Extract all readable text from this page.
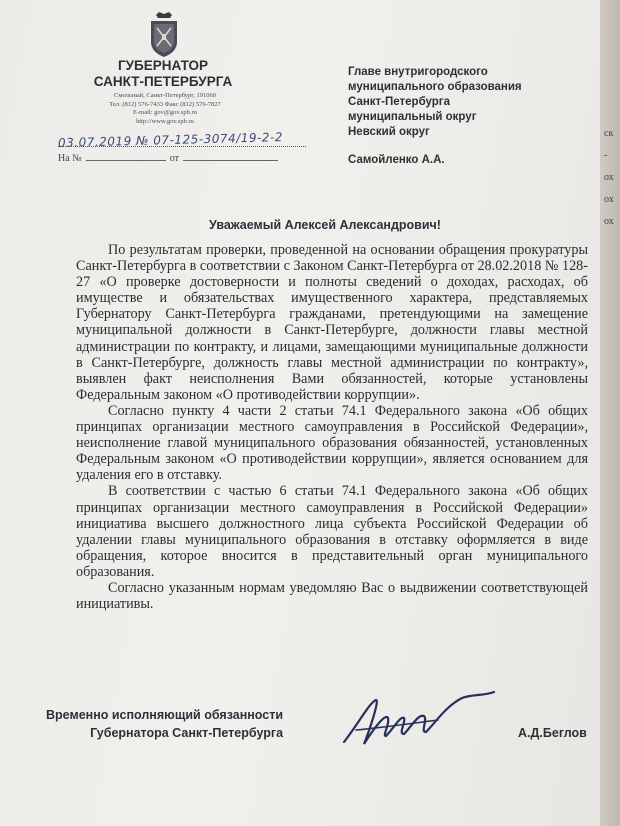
ГУБЕРНАТОР
САНКТ-ПЕТЕРБУРГА
Смольный, Санкт-Петербург, 191060
Тел. (812) 576-7433 Факс (812) 576-7827
E-mail: gov@gov.spb.ru
http://www.gov.spb.ru
03.07.2019 № 07-125-3074/19-2-2
На №	от
Главе внутригородского
муниципального образования
Санкт-Петербурга
муниципальный округ
Невский округ
Самойленко А.А.
Уважаемый Алексей Александрович!

По результатам проверки, проведенной на основании обращения прокуратуры Санкт-Петербурга в соответствии с Законом Санкт-Петербурга от 28.02.2018 № 128-27 «О проверке достоверности и полноты сведений о доходах, расходах, об имуществе и обязательствах имущественного характера, представляемых Губернатору Санкт-Петербурга гражданами, претендующими на замещение муниципальной должности в Санкт-Петербурге, должности главы местной администрации по контракту, и лицами, замещающими муниципальные должности в Санкт-Петербурге, должность главы местной администрации по контракту», выявлен факт неисполнения Вами обязанностей, которые установлены Федеральным законом «О противодействии коррупции».

Согласно пункту 4 части 2 статьи 74.1 Федерального закона «Об общих принципах организации местного самоуправления в Российской Федерации», неисполнение главой муниципального образования обязанностей, установленных Федеральным законом «О противодействии коррупции», является основанием для удаления его в отставку.

В соответствии с частью 6 статьи 74.1 Федерального закона «Об общих принципах организации местного самоуправления в Российской Федерации» инициатива высшего должностного лица субъекта Российской Федерации об удалении главы муниципального образования в отставку оформляется в виде обращения, которое вносится в представительный орган муниципального образования.

Согласно указанным нормам уведомляю Вас о выдвижении соответствующей инициативы.

Временно исполняющий обязанности
Губернатора Санкт-Петербурга	А.Д.Беглов
ск
-
ох
ох
ох
